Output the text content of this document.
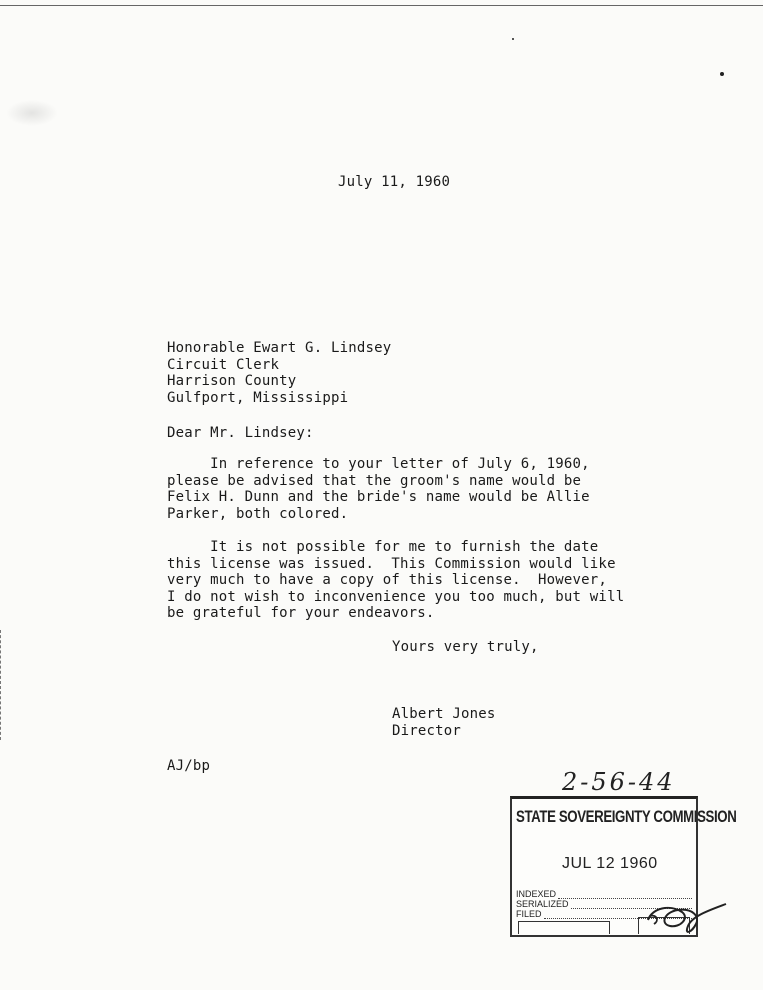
July 11, 1960
Honorable Ewart G. Lindsey
Circuit Clerk
Harrison County
Gulfport, Mississippi
Dear Mr. Lindsey:
In reference to your letter of July 6, 1960,
please be advised that the groom's name would be
Felix H. Dunn and the bride's name would be Allie
Parker, both colored.
It is not possible for me to furnish the date
this license was issued.  This Commission would like
very much to have a copy of this license.  However,
I do not wish to inconvenience you too much, but will
be grateful for your endeavors.
Yours very truly,
Albert Jones
Director
AJ/bp
2-56-44
STATE SOVEREIGNTY COMMISSION
JUL 12 1960
INDEXED
SERIALIZED
FILED
